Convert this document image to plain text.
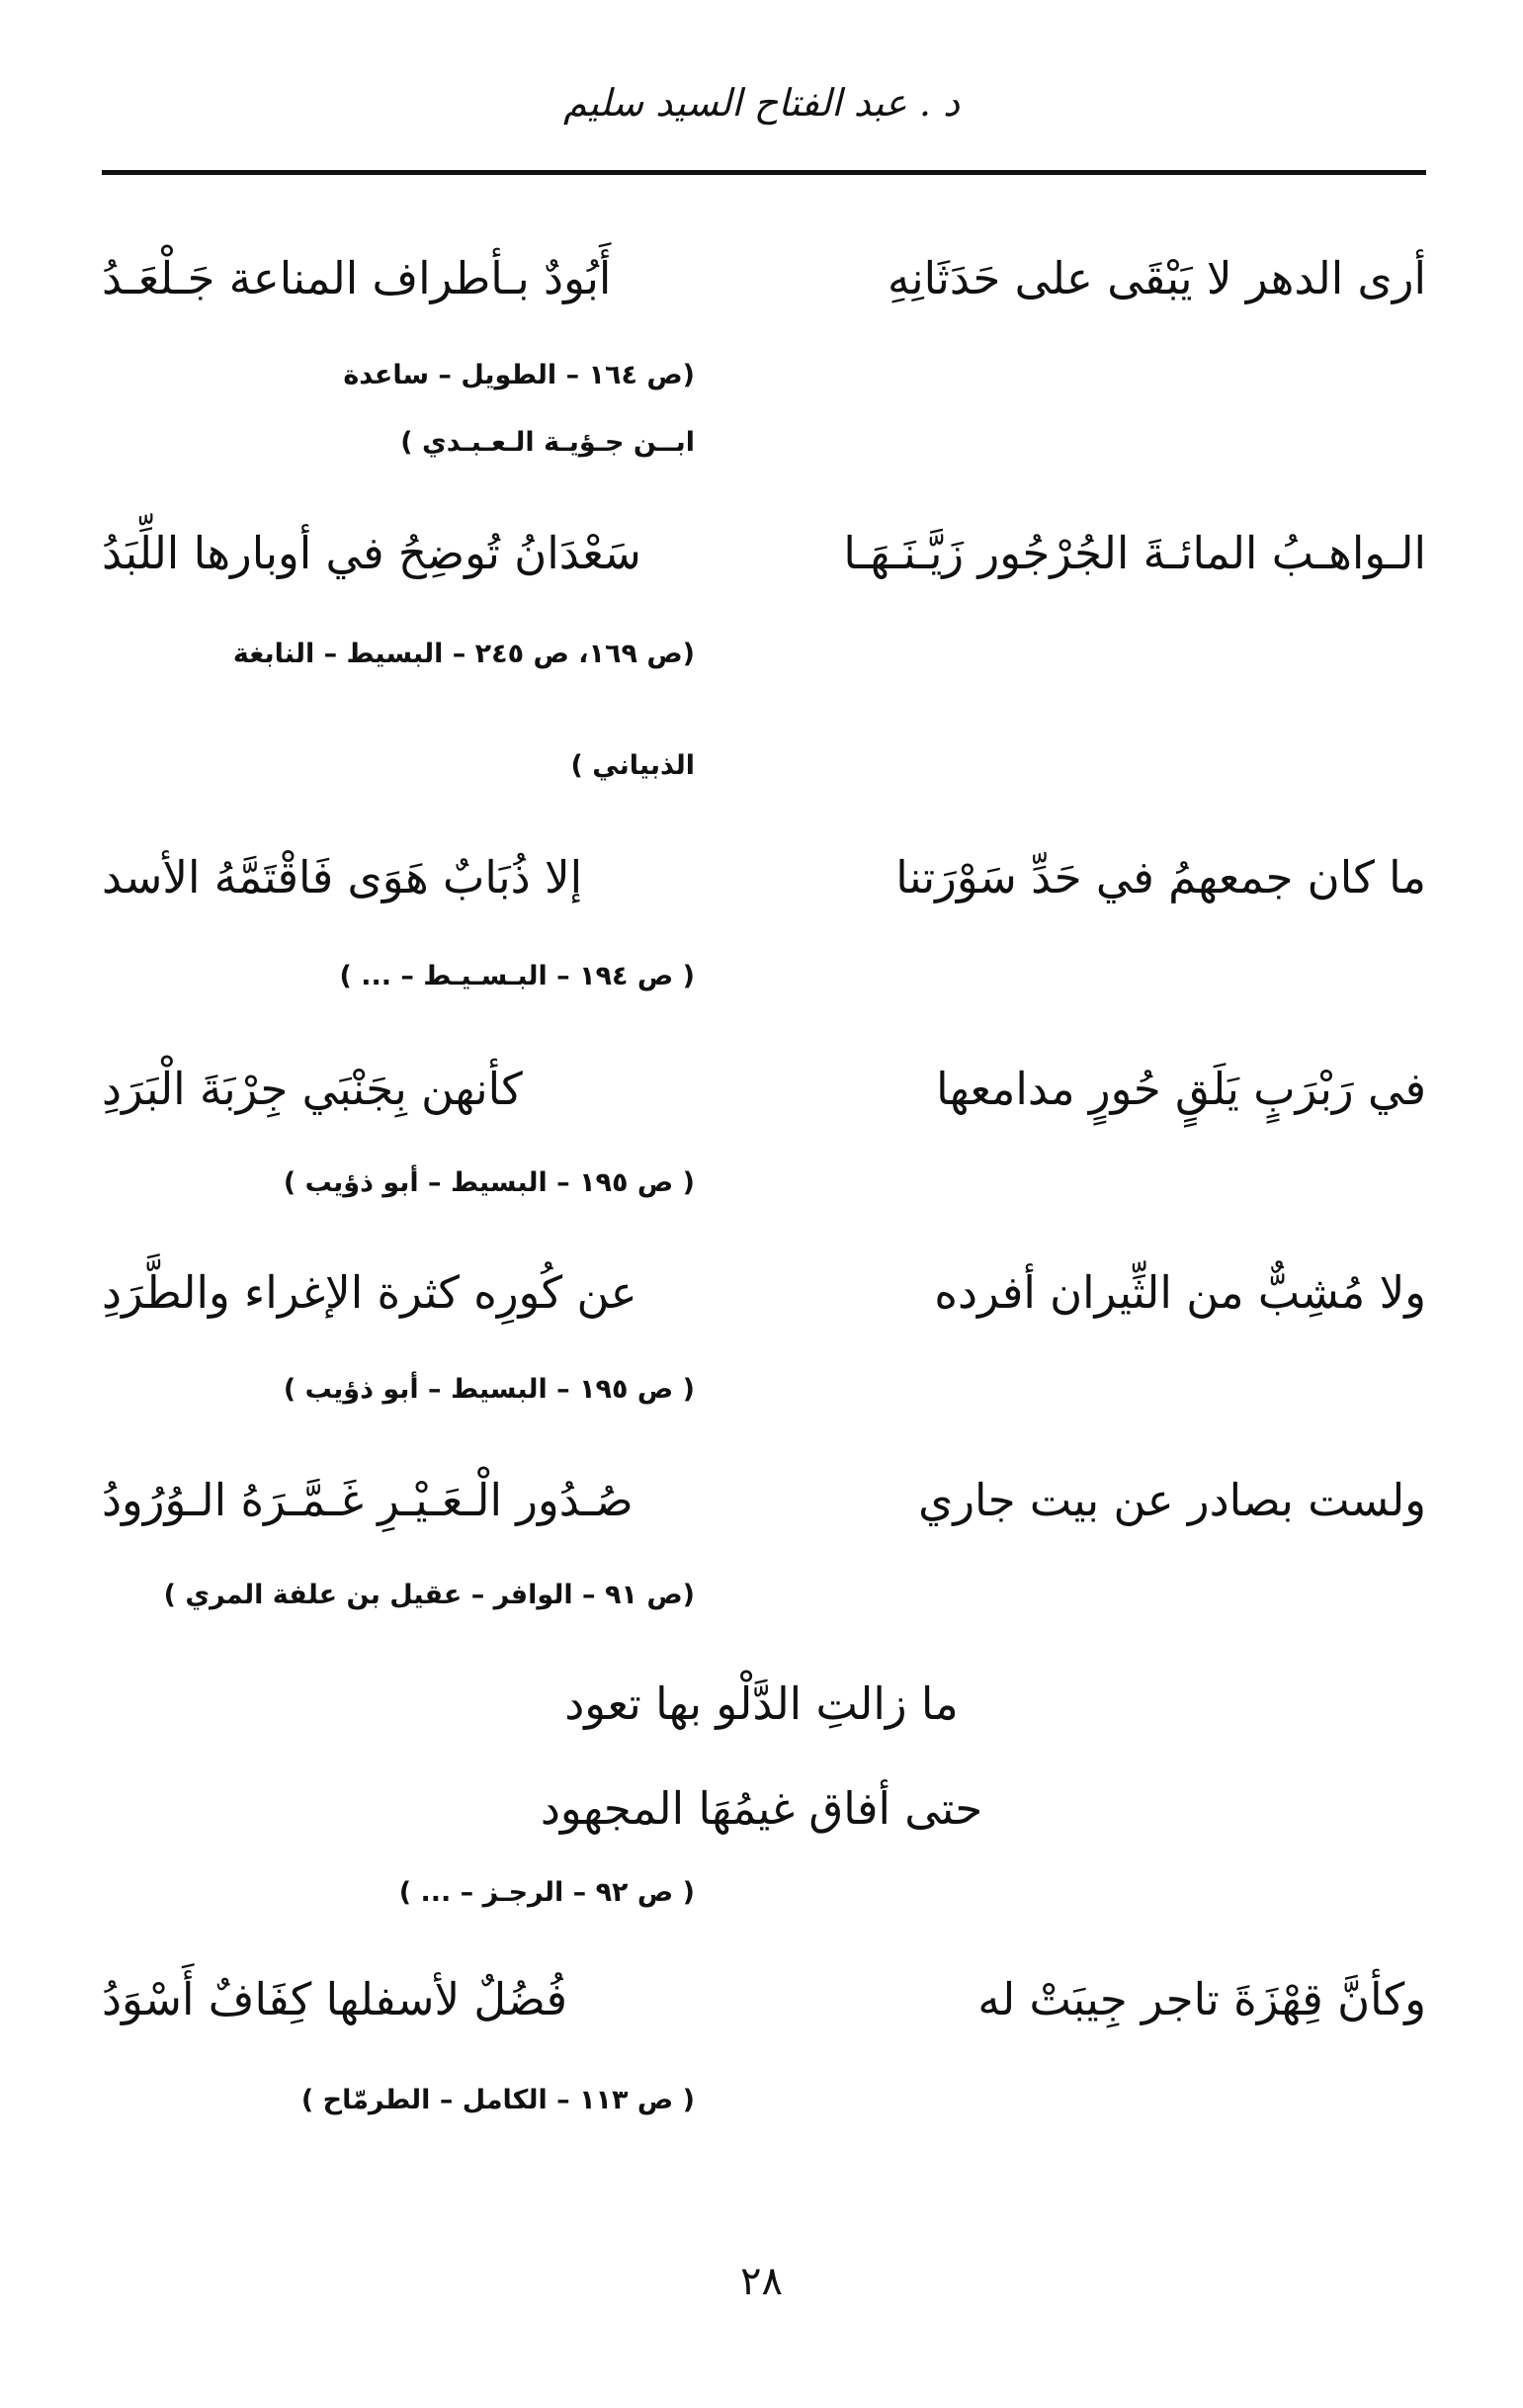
د . عبد الفتاح السيد سليم
أرى الدهر لا يَبْقَى على حَدَثَانِهِ
أَبُودٌ بـأطراف المناعة جَـلْعَـدُ
(ص ١٦٤ – الطويل – ساعدة
ابــن جـؤيـة الـعـبـدي )
الـواهـبُ المائـةَ الجُرْجُور زَيَّـنَـهَـا
سَعْدَانُ تُوضِحُ في أوبارها اللِّبَدُ
(ص ١٦٩، ص ٢٤٥ – البسيط – النابغة
الذبياني )
ما كان جمعهمُ في حَدِّ سَوْرَتنا
إلا ذُبَابٌ هَوَى فَاقْتَمَّهُ الأسد
( ص ١٩٤ – البـسـيـط – ... )
في رَبْرَبٍ يَلَقٍ حُورٍ مدامعها
كأنهن بِجَنْبَي جِرْبَةَ الْبَرَدِ
( ص ١٩٥ – البسيط – أبو ذؤيب )
ولا مُشِبٌّ من الثِّيران أفرده
عن كُورِه كثرة الإغراء والطَّرَدِ
( ص ١٩٥ – البسيط – أبو ذؤيب )
ولست بصادر عن بيت جاري
صُـدُور الْـعَـيْـرِ غَـمَّـرَهُ الـوُرُودُ
(ص ٩١ – الوافر – عقيل بن علفة المري )
ما زالتِ الدَّلْو بها تعود
حتى أفاق غيمُهَا المجهود
( ص ٩٢ – الرجـز – ... )
وكأنَّ قِهْزَةَ تاجر جِيبَتْ له
فُضُلٌ لأسفلها كِفَافٌ أَسْوَدُ
( ص ١١٣ – الكامل – الطرمّاح )
٢٨
